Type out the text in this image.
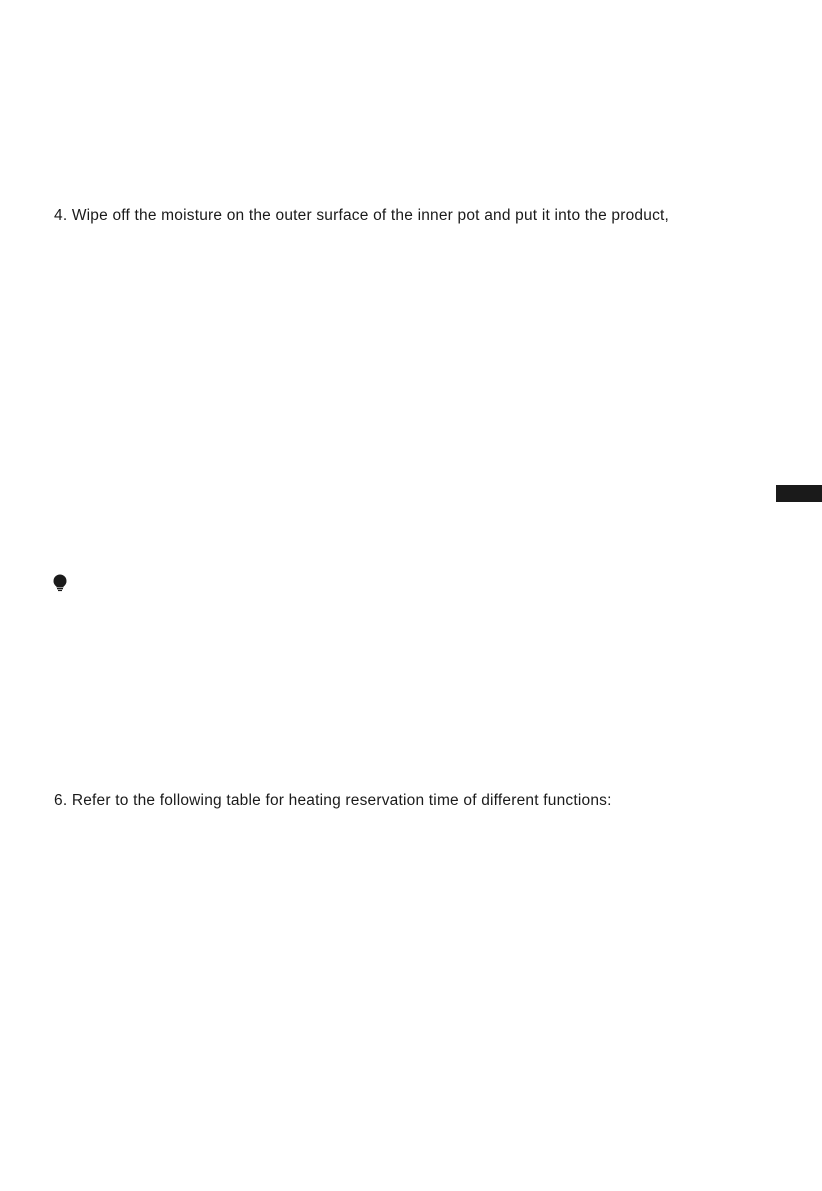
4. Wipe off the moisture on the outer surface of the inner pot and put it into the product,
6. Refer to the following table for heating reservation time of different functions:
